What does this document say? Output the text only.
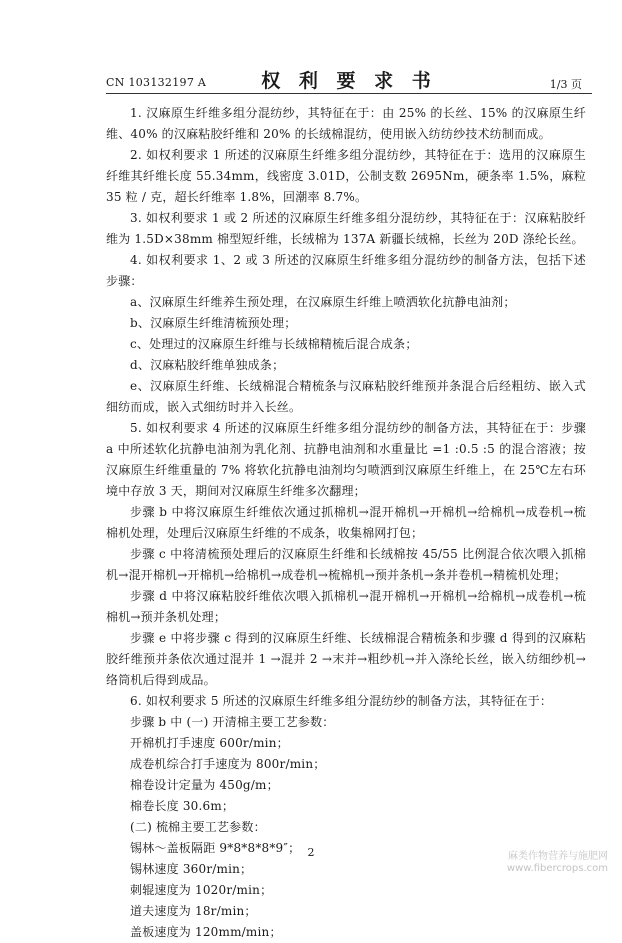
CN 103132197 A	权 利 要 求 书	1/3 页

1. 汉麻原生纤维多组分混纺纱，其特征在于：由 25% 的长丝、15% 的汉麻原生纤维、40% 的汉麻粘胶纤维和 20% 的长绒棉混纺，使用嵌入纺纺纱技术纺制而成。

2. 如权利要求 1 所述的汉麻原生纤维多组分混纺纱，其特征在于：选用的汉麻原生纤维其纤维长度 55.34mm，线密度 3.01D，公制支数 2695Nm，硬条率 1.5%，麻粒 35 粒 / 克，超长纤维率 1.8%，回潮率 8.7%。

3. 如权利要求 1 或 2 所述的汉麻原生纤维多组分混纺纱，其特征在于：汉麻粘胶纤维为 1.5D×38mm 棉型短纤维，长绒棉为 137A 新疆长绒棉，长丝为 20D 涤纶长丝。

4. 如权利要求 1、2 或 3 所述的汉麻原生纤维多组分混纺纱的制备方法，包括下述步骤：

a、汉麻原生纤维养生预处理，在汉麻原生纤维上喷洒软化抗静电油剂；

b、汉麻原生纤维清梳预处理；

c、处理过的汉麻原生纤维与长绒棉精梳后混合成条；

d、汉麻粘胶纤维单独成条；

e、汉麻原生纤维、长绒棉混合精梳条与汉麻粘胶纤维预并条混合后经粗纺、嵌入式细纺而成，嵌入式细纺时并入长丝。

5. 如权利要求 4 所述的汉麻原生纤维多组分混纺纱的制备方法，其特征在于：步骤 a 中所述软化抗静电油剂为乳化剂、抗静电油剂和水重量比 =1 :0.5 :5 的混合溶液；按汉麻原生纤维重量的 7% 将软化抗静电油剂均匀喷洒到汉麻原生纤维上，在 25℃左右环境中存放 3 天，期间对汉麻原生纤维多次翻理；

步骤 b 中将汉麻原生纤维依次通过抓棉机→混开棉机→开棉机→给棉机→成卷机→梳棉机处理，处理后汉麻原生纤维的不成条，收集棉网打包；

步骤 c 中将清梳预处理后的汉麻原生纤维和长绒棉按 45/55 比例混合依次喂入抓棉机→混开棉机→开棉机→给棉机→成卷机→梳棉机→预并条机→条并卷机→精梳机处理；

步骤 d 中将汉麻粘胶纤维依次喂入抓棉机→混开棉机→开棉机→给棉机→成卷机→梳棉机→预并条机处理；

步骤 e 中将步骤 c 得到的汉麻原生纤维、长绒棉混合精梳条和步骤 d 得到的汉麻粘胶纤维预并条依次通过混并 1 →混并 2 →末并→粗纱机→并入涤纶长丝，嵌入纺细纱机→络筒机后得到成品。

6. 如权利要求 5 所述的汉麻原生纤维多组分混纺纱的制备方法，其特征在于：

步骤 b 中 (一) 开清棉主要工艺参数：

开棉机打手速度 600r/min；

成卷机综合打手速度为 800r/min；

棉卷设计定量为 450g/m；

棉卷长度 30.6m；

(二) 梳棉主要工艺参数：

锡林～盖板隔距 9*8*8*8*9″；

锡林速度 360r/min；

刺辊速度为 1020r/min；

道夫速度为 18r/min；

盖板速度为 120mm/min；

2	麻类作物营养与施肥网
www.fibercrops.com
